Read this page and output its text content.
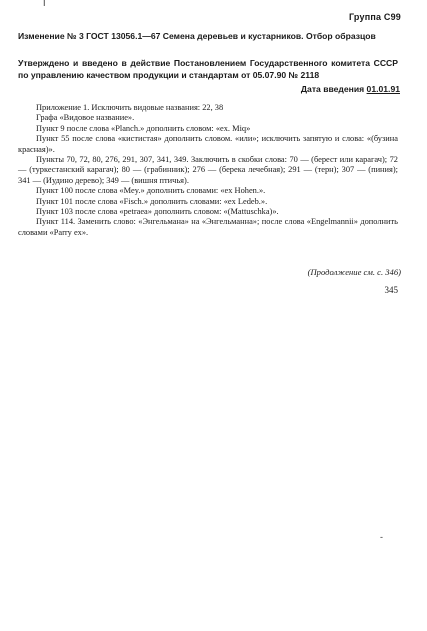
I
Группа С99
Изменение № 3 ГОСТ 13056.1—67 Семена деревьев и кустарников. Отбор образцов
Утверждено и введено в действие Постановлением Государственного комитета СССР по управлению качеством продукции и стандартам от 05.07.90 № 2118
Дата введения 01.01.91

Приложение 1. Исключить видовые названия: 22, 38

Графа «Видовое название».

Пункт 9 после слова «Planch.» дополнить словом: «ex. Miq»

Пункт 55 после слова «кистистая» дополнить словом. «или»; исключить запятую и слова: «(бузина красная)».

Пункты 70, 72, 80, 276, 291, 307, 341, 349. Заключить в скобки слова: 70 — (берест или карагач); 72 — (туркестанский карагач); 80 — (грабинник); 276 — (берека лечебная); 291 — (терн); 307 — (пиния); 341 — (Иудино дерево); 349 — (вишня птичья).

Пункт 100 после слова «Mey.» дополнить словами: «ex Hohen.».

Пункт 101 после слова «Fisch.» дополнить словами: «ex Ledeb.».

Пункт 103 после слова «petraea» дополнить словом: «(Mattuschka)».

Пункт 114. Заменить слово: «Энгельмана» на «Энгельманна»; после слова «Engelmannii» дополнить словами «Parry ex».

(Продолжение см. с. 346)
345
-
